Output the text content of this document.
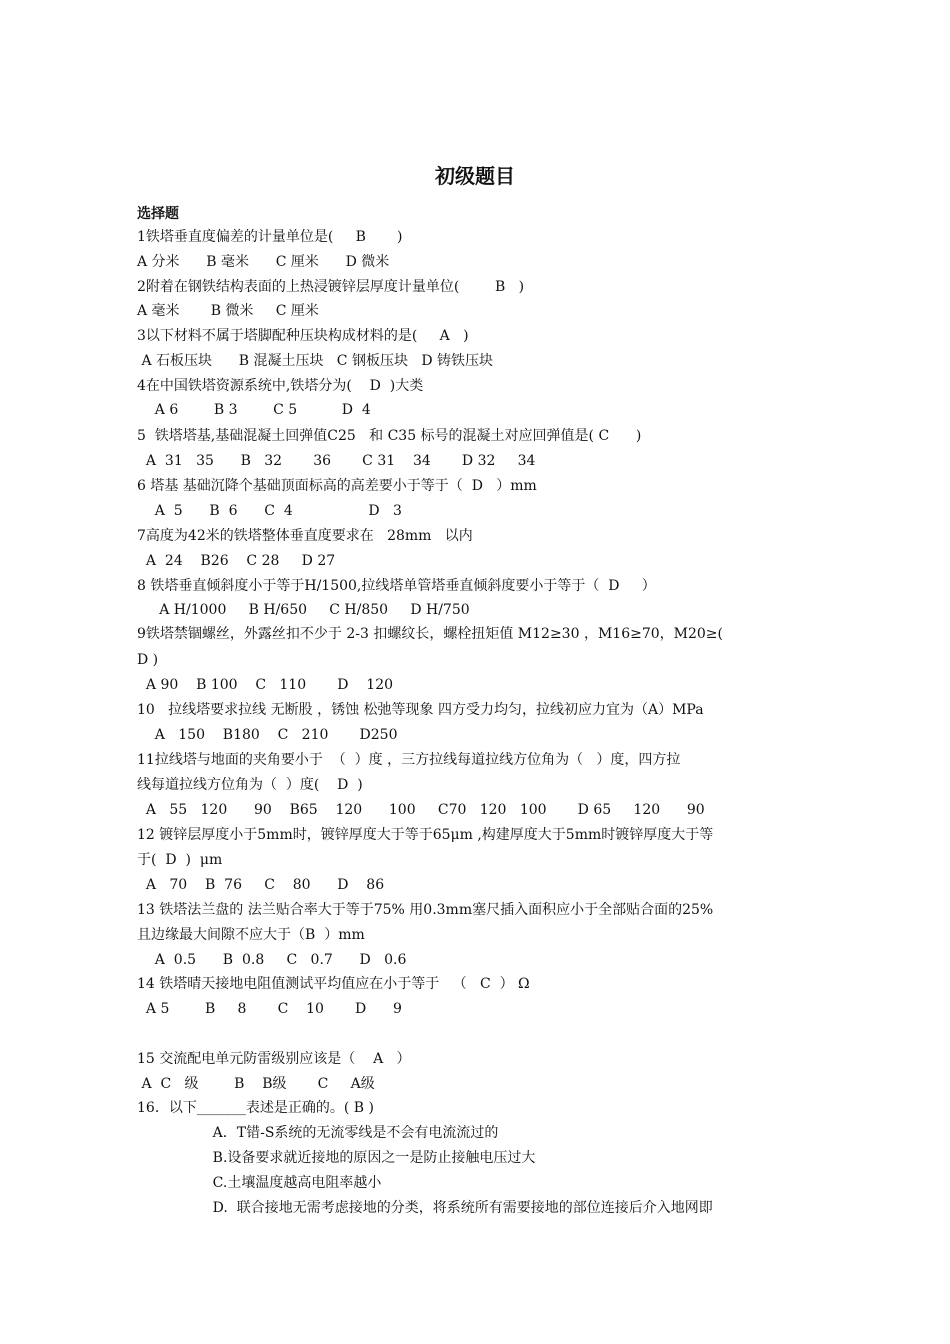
初级题目
选择题
1铁塔垂直度偏差的计量单位是(     B       )
A 分米      B 毫米      C 厘米      D 微米
2附着在钢铁结构表面的上热浸镀锌层厚度计量单位(        B   )
A 毫米       B 微米     C 厘米
3以下材料不属于塔脚配种压块构成材料的是(     A   )
A 石板压块      B 混凝土压块   C 钢板压块   D 铸铁压块
4在中国铁塔资源系统中,铁塔分为(    D  )大类
A 6        B 3        C 5          D  4
5  铁塔塔基,基础混凝土回弹值C25   和 C35 标号的混凝土对应回弹值是( C      )
A  31   35      B   32       36       C 31    34       D 32     34
6 塔基 基础沉降个基础顶面标高的高差要小于等于（  D   ）mm
A  5      B  6      C  4                 D   3
7高度为42米的铁塔整体垂直度要求在   28mm   以内
A  24    B26    C 28     D 27
8 铁塔垂直倾斜度小于等于H/1500,拉线塔单管塔垂直倾斜度要小于等于（  D     ）
A H/1000     B H/650     C H/850     D H/750
9铁塔禁锢螺丝，外露丝扣不少于 2-3 扣螺纹长，螺栓扭矩值 M12≥30 ，M16≥70，M20≥(
D )
A 90    B 100    C   110       D    120
10   拉线塔要求拉线 无断股 ，锈蚀 松弛等现象 四方受力均匀，拉线初应力宜为（A）MPa
A   150    B180    C   210       D250
11拉线塔与地面的夹角要小于  （  ）度 ，三方拉线每道拉线方位角为（   ）度，四方拉
线每道拉线方位角为（  ）度(    D  )
A   55   120      90    B65    120      100     C70   120   100       D 65     120      90
12 镀锌层厚度小于5mm时，镀锌厚度大于等于65μm ,构建厚度大于5mm时镀锌厚度大于等
于(  D  )  μm
A   70    B  76     C    80      D    86
13 铁塔法兰盘的 法兰贴合率大于等于75% 用0.3mm塞尺插入面积应小于全部贴合面的25%
且边缘最大间隙不应大于（B  ）mm
A  0.5      B  0.8     C   0.7      D   0.6
14 铁塔晴天接地电阻值测试平均值应在小于等于   （   C  ） Ω
A 5        B     8       C    10       D      9
15 交流配电单元防雷级别应该是（    A   ）
A  C   级        B    B级       C     A级
16．以下_______表述是正确的。( B )
A．T错-S系统的无流零线是不会有电流流过的
B.设备要求就近接地的原因之一是防止接触电压过大
C.土壤温度越高电阻率越小
D.  联合接地无需考虑接地的分类，将系统所有需要接地的部位连接后介入地网即
